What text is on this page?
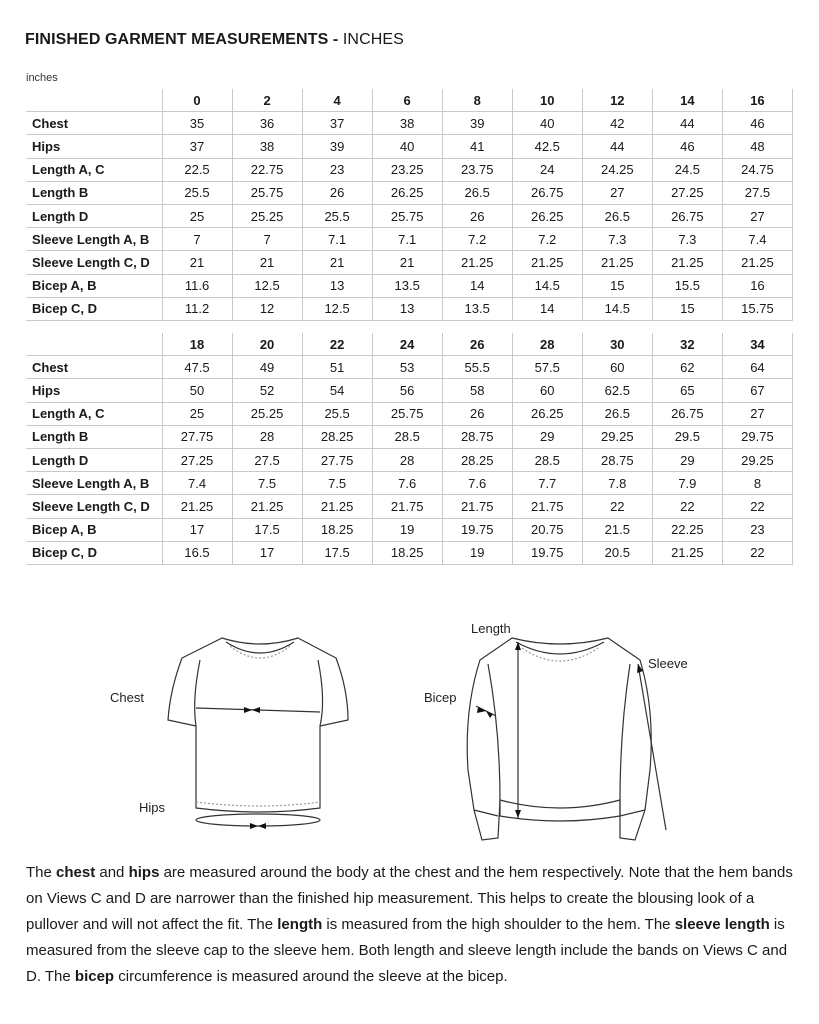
FINISHED GARMENT MEASUREMENTS - INCHES
inches
	0	2	4	6	8	10	12	14	16
Chest	35	36	37	38	39	40	42	44	46
Hips	37	38	39	40	41	42.5	44	46	48
Length A, C	22.5	22.75	23	23.25	23.75	24	24.25	24.5	24.75
Length B	25.5	25.75	26	26.25	26.5	26.75	27	27.25	27.5
Length D	25	25.25	25.5	25.75	26	26.25	26.5	26.75	27
Sleeve Length A, B	7	7	7.1	7.1	7.2	7.2	7.3	7.3	7.4
Sleeve Length C, D	21	21	21	21	21.25	21.25	21.25	21.25	21.25
Bicep A, B	11.6	12.5	13	13.5	14	14.5	15	15.5	16
Bicep C, D	11.2	12	12.5	13	13.5	14	14.5	15	15.75
	18	20	22	24	26	28	30	32	34
Chest	47.5	49	51	53	55.5	57.5	60	62	64
Hips	50	52	54	56	58	60	62.5	65	67
Length A, C	25	25.25	25.5	25.75	26	26.25	26.5	26.75	27
Length B	27.75	28	28.25	28.5	28.75	29	29.25	29.5	29.75
Length D	27.25	27.5	27.75	28	28.25	28.5	28.75	29	29.25
Sleeve Length A, B	7.4	7.5	7.5	7.6	7.6	7.7	7.8	7.9	8
Sleeve Length C, D	21.25	21.25	21.25	21.75	21.75	21.75	22	22	22
Bicep A, B	17	17.5	18.25	19	19.75	20.75	21.5	22.25	23
Bicep C, D	16.5	17	17.5	18.25	19	19.75	20.5	21.25	22
Chest
Hips
Length
Bicep
Sleeve
The chest and hips are measured around the body at the chest and the hem respectively. Note that the hem bands on Views C and D are narrower than the finished hip measurement. This helps to create the blousing look of a pullover and will not affect the fit. The length is measured from the high shoulder to the hem. The sleeve length is measured from the sleeve cap to the sleeve hem. Both length and sleeve length include the bands on Views C and D. The bicep circumference is measured around the sleeve at the bicep.
